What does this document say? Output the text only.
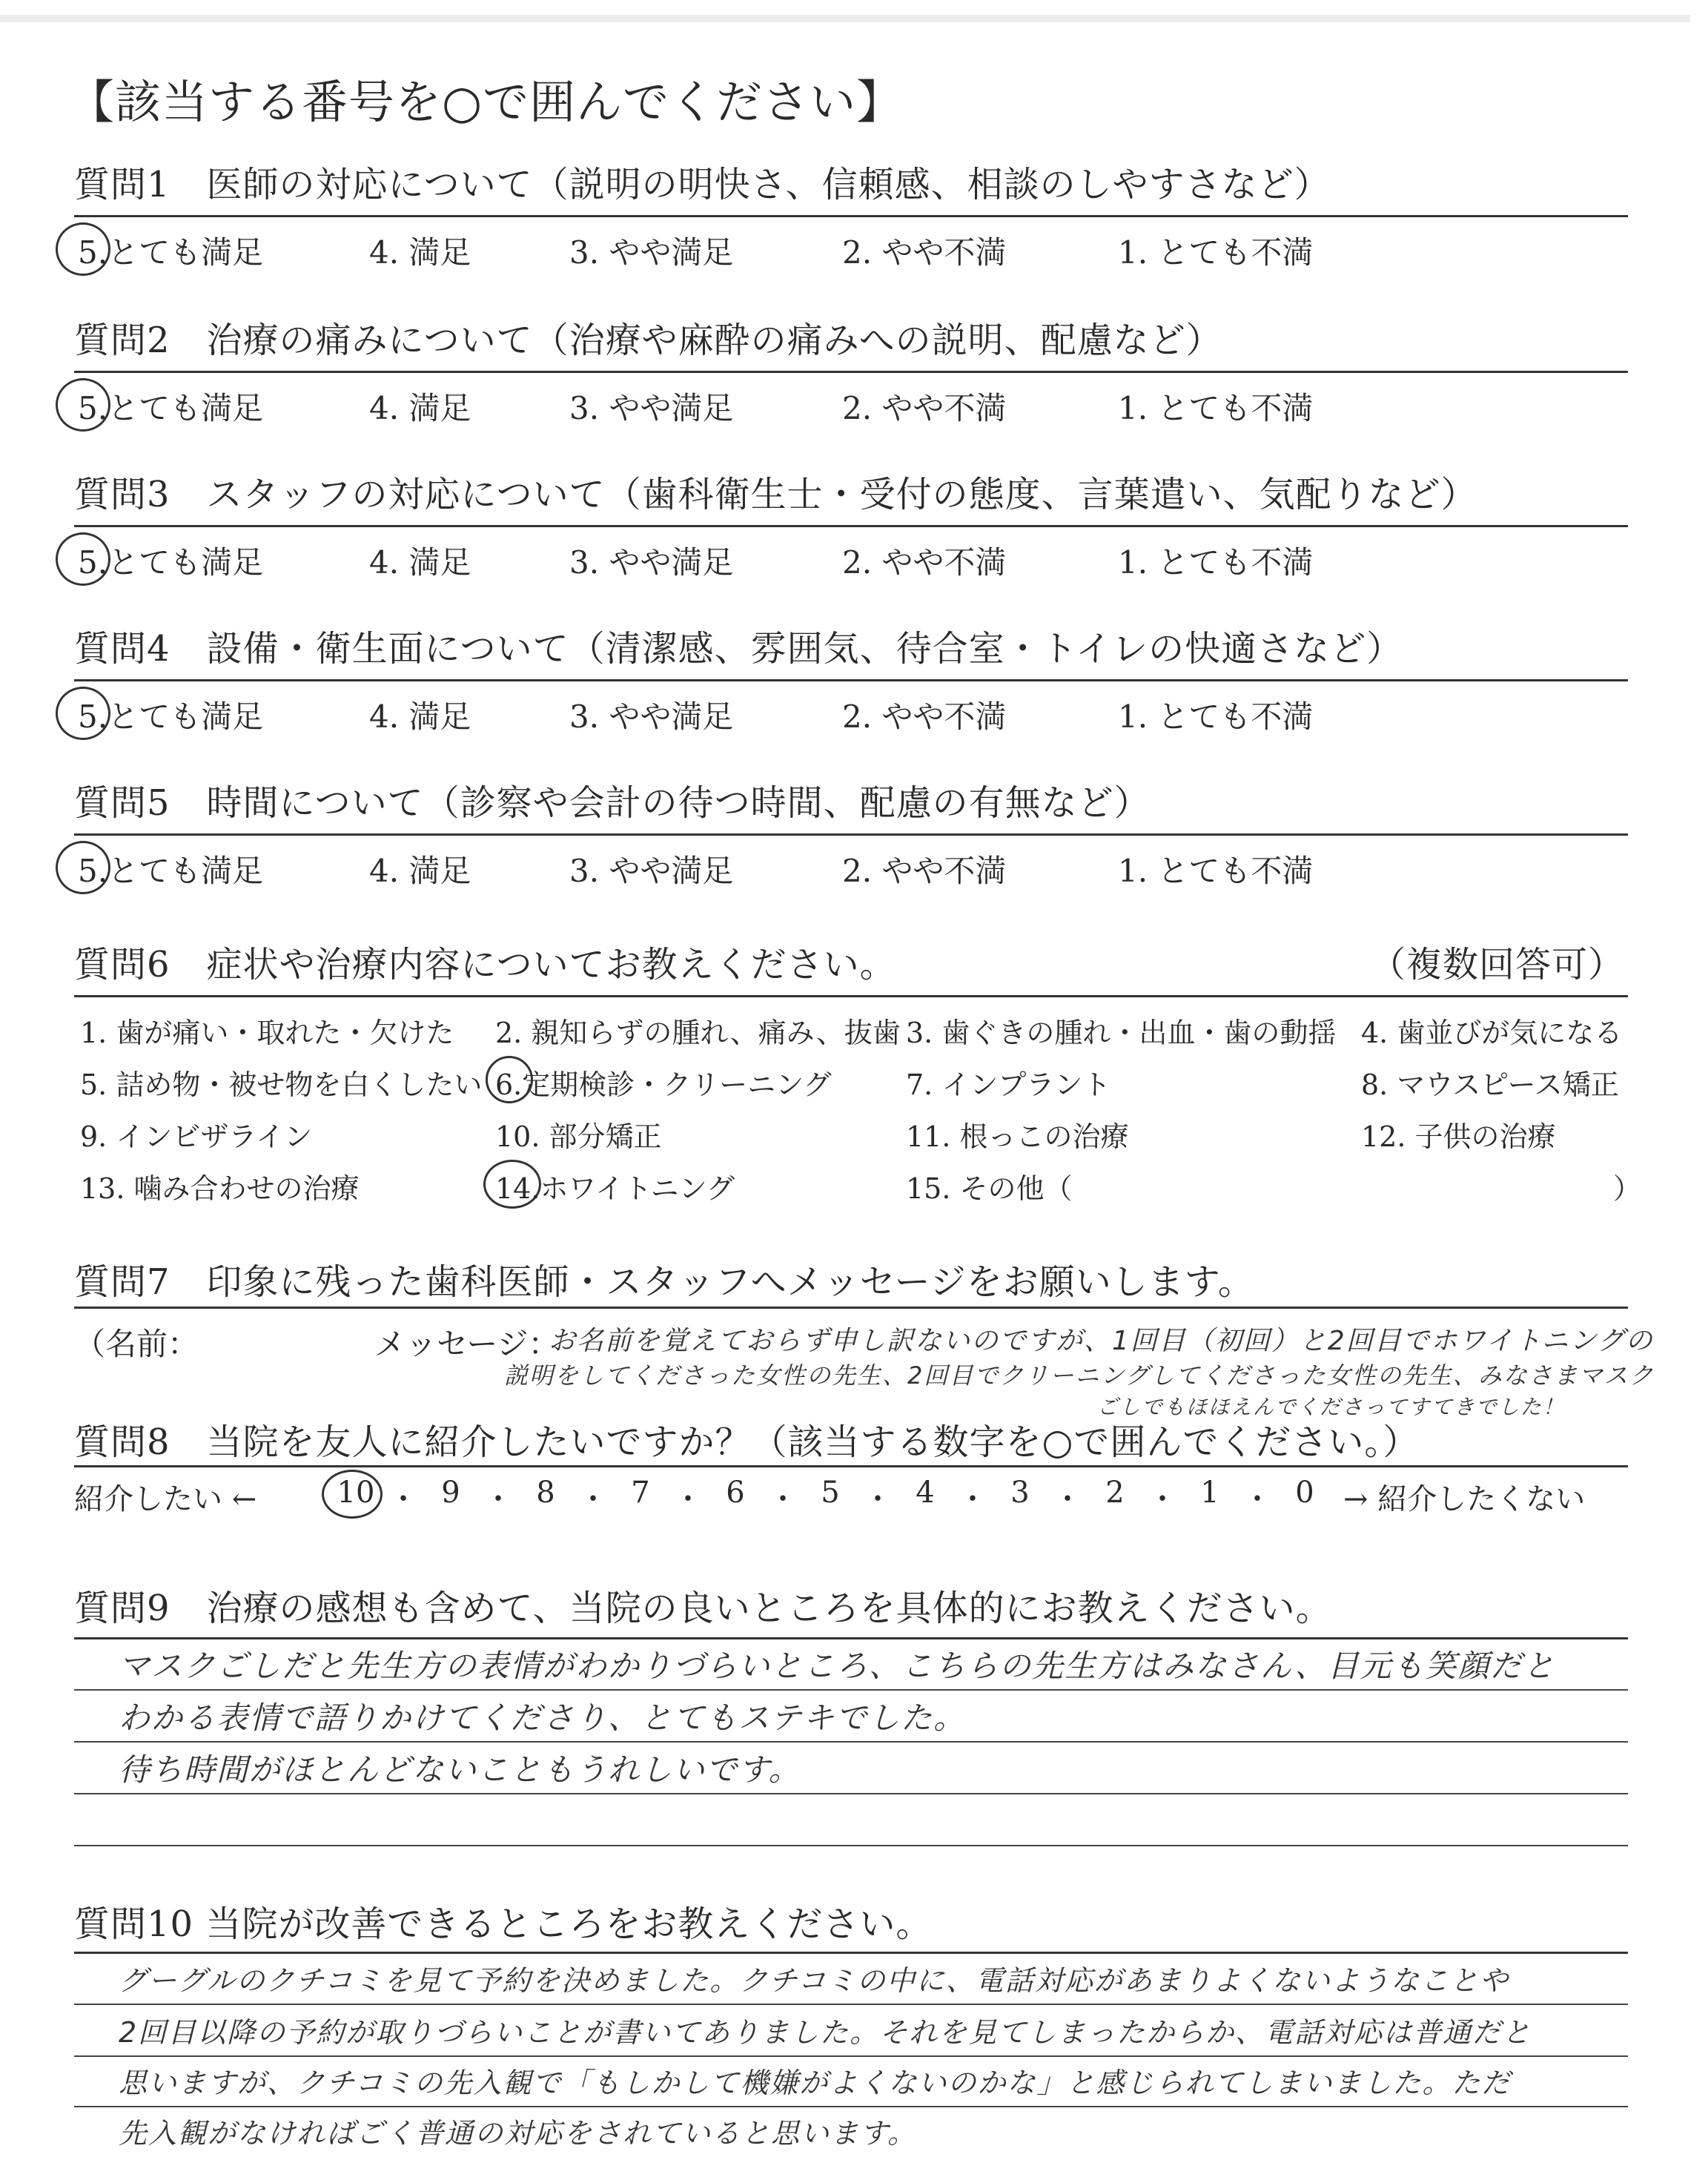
【該当する番号を○で囲んでください】
質問6　症状や治療内容についてお教えください。	（複数回答可）
質問7　印象に残った歯科医師・スタッフへメッセージをお願いします。
（名前：	メッセージ：
お名前を覚えておらず申し訳ないのですが、1回目（初回）と2回目でホワイトニングの
説明をしてくださった女性の先生、2回目でクリーニングしてくださった女性の先生、みなさまマスク
ごしでもほほえんでくださってすてきでした！
質問8　当院を友人に紹介したいですか？（該当する数字を○で囲んでください。）
紹介したい ←	→ 紹介したくない
質問9　治療の感想も含めて、当院の良いところを具体的にお教えください。
質問10 当院が改善できるところをお教えください。
質問1　医師の対応について（説明の明快さ、信頼感、相談のしやすさなど）
5.とても満足	4. 満足	3. やや満足	2. やや不満	1. とても不満
質問2　治療の痛みについて（治療や麻酔の痛みへの説明、配慮など）
5.とても満足	4. 満足	3. やや満足	2. やや不満	1. とても不満
質問3　スタッフの対応について（歯科衛生士・受付の態度、言葉遣い、気配りなど）
5.とても満足	4. 満足	3. やや満足	2. やや不満	1. とても不満
質問4　設備・衛生面について（清潔感、雰囲気、待合室・トイレの快適さなど）
5.とても満足	4. 満足	3. やや満足	2. やや不満	1. とても不満
質問5　時間について（診察や会計の待つ時間、配慮の有無など）
5.とても満足	4. 満足	3. やや満足	2. やや不満	1. とても不満
1. 歯が痛い・取れた・欠けた 2. 親知らずの腫れ、痛み、抜歯 3. 歯ぐきの腫れ・出血・歯の動揺 4. 歯並びが気になる
5. 詰め物・被せ物を白くしたい 6.定期検診・クリーニング	7. インプラント	8. マウスピース矯正
9. インビザライン	10. 部分矯正	11. 根っこの治療	12. 子供の治療
13. 噛み合わせの治療	14.ホワイトニング	15. その他（	）
10 ・ 9 ・ 8 ・ 7 ・ 6 ・ 5 ・ 4 ・ 3 ・ 2 ・ 1 ・ 0
マスクごしだと先生方の表情がわかりづらいところ、こちらの先生方はみなさん、目元も笑顔だと
わかる表情で語りかけてくださり、とてもステキでした。
待ち時間がほとんどないこともうれしいです。
グーグルのクチコミを見て予約を決めました。クチコミの中に、電話対応があまりよくないようなことや
2回目以降の予約が取りづらいことが書いてありました。それを見てしまったからか、電話対応は普通だと
思いますが、クチコミの先入観で「もしかして機嫌がよくないのかな」と感じられてしまいました。ただ
先入観がなければごく普通の対応をされていると思います。
